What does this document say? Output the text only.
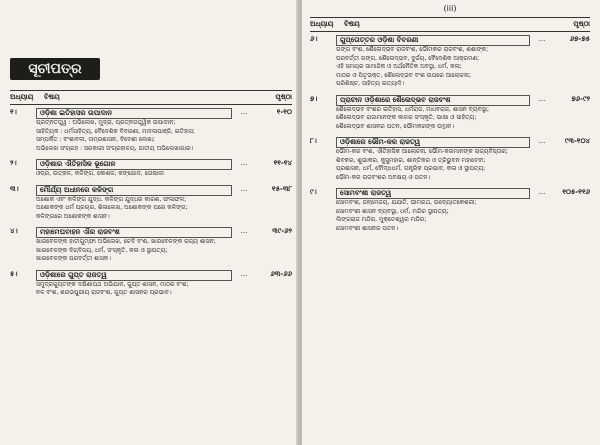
ସୂଚୀପତ୍ର
ଅଧ୍ୟାୟ	ବିଷୟ	ପୃଷ୍ଠା
୧।	ଓଡ଼ିଶା ଇତିହାସର ଉପାଦାନ	...	୧-୧୦
ପ୍ରତ୍ନତତ୍ତ୍ୱ : ଅଭିଲେଖ, ମୁଦ୍ରା, ପ୍ରତ୍ନତାତ୍ତ୍ୱିକ ଉପାଦାନ;
ସାହିତ୍ୟିକ : ଧର୍ମସାହିତ୍ୟ, ବୈଦେଶିକ ବିବରଣୀ, ମାଦଳାପାଞ୍ଜି, ଇତିହାସ;
ସମ୍ପର୍କିତ : ବଂଶାବଳୀ, ତାମ୍ରଶାସନ, ବିଦେଶୀ ଲେଖା;
ଅଭିଲେଖ ସଂଗ୍ରହ : ସରକାରୀ ସଂଗ୍ରହାଳୟ, ଜାତୀୟ ଅଭିଲେଖାଗାର।
୨।	ଓଡ଼ିଶାର ଐତିହାସିକ ଭୂଗୋଳ	...	୧୧-୧୪
ଓଡ୍ର, ଉତ୍କଳ, କଳିଙ୍ଗ, କୋଶଳ, କଙ୍ଗୋଦ, ତୋଷାଳୀ
୩।	ମୌର୍ଯ୍ୟ ଅଧୀନରେ କଳିଙ୍ଗ	...	୧୫-୩୮
ଅଶୋକ ଏବଂ କଳିଙ୍ଗ ଯୁଦ୍ଧ, କଳିଙ୍ଗ ଯୁଦ୍ଧର କାରଣ, ଫଳାଫଳ;
ଅଶୋକଙ୍କ ଧର୍ମ ପ୍ରଚାର, ଶିଳାଲେଖ, ଅଶୋକଙ୍କ ପରେ କଳିଙ୍ଗ;
କଳିଙ୍ଗରେ ଅଶୋକଙ୍କ ଶାସନ।
୪।	ମହାମେଘବାହନ ଐର ରାଜବଂଶ	...	୩୯-୬୨
ଖାରବେଳଙ୍କ ହାତୀଗୁମ୍ଫା ଅଭିଲେଖ, ଚେଦି ବଂଶ, ଖାରବେଳଙ୍କ ରାଜ୍ୟ ଶାସନ;
ଖାରବେଳଙ୍କ ଦିଗ୍‌ବିଜୟ, ଧର୍ମ, ସଂସ୍କୃତି, କଳା ଓ ସ୍ଥାପତ୍ୟ;
ଖାରବେଳଙ୍କ ପରବର୍ତ୍ତୀ ଶାସକ।
୫।	ଓଡ଼ିଶାରେ ଗୁପ୍ତ ରାଜତ୍ୱ	...	୬୩-୬୬
ସମୁଦ୍ରଗୁପ୍ତଙ୍କ ଦକ୍ଷିଣାପଥ ଅଭିଯାନ, ଗୁପ୍ତ ଶାସନ, ମାଠର ବଂଶ;
ନଳ ବଂଶ, ଶରଭପୁରୀୟ ରାଜବଂଶ, ଗୁପ୍ତ ଶାସନର ପ୍ରଭାବ।
(iii)
ଅଧ୍ୟାୟ	ବିଷୟ	ପୃଷ୍ଠା
୬।	ଗୁପ୍ତୋତ୍ତର ଓଡ଼ିଶା ବିବରଣୀ	...	୬୭-୭୫
ଗଙ୍ଗ ବଂଶ, ଶୈଳୋଦ୍ଭବ ରାଜବଂଶ, ଭୌମକର ରାଜବଂଶ, ଶଶାଙ୍କ;
ପରବର୍ତ୍ତୀ ଗଙ୍ଗ, ଶୈଳୋଦ୍ଭବ, ଦୁର୍ଜୟ, ବୈଦେଶିକ ଆକ୍ରମଣ;
ଏହି ସମୟର ସାମାଜିକ ଓ ଅର୍ଥନୈତିକ ଅବସ୍ଥା, ଧର୍ମ, କଳା;
ମାଠର ଓ ପିତୃଭକ୍ତ, ଶୈଳୋଦ୍ଭବ ବଂଶ ଉପରେ ଆଲୋଚନା;
ପରିଶିଷ୍ଟ, ସାହିତ୍ୟ ଇତ୍ୟାଦି।
୭।	ପ୍ରାଚୀନ ଓଡ଼ିଶାରେ ଶୈଳୋଦ୍ଭବ ରାଜବଂଶ	...	୭୬-୯୨
ଶୈଳୋଦ୍ଭବ ବଂଶର ଇତିହାସ, ଧର୍ମରାଜ, ମାଧବରାଜ, ଶାସନ ବ୍ୟବସ୍ଥା;
ଶୈଳୋଦ୍ଭବ ରାଜାମାନଙ୍କ କାଳର ସଂସ୍କୃତି, ଭାଷା ଓ ସାହିତ୍ୟ;
ଶୈଳୋଦ୍ଭବ ଶାସନର ପତନ, ଭୌମକରଙ୍କ ଉତ୍ଥାନ।
୮।	ଓଡ଼ିଶାରେ ଭୌମ-କର ରାଜତ୍ୱ	...	୯୩-୧୦୪
ଭୌମ-କର ବଂଶ, ଐତିହାସିକ ଆଲୋଚନା, ଭୌମ-କରମାନଙ୍କ ରାଜ୍ୟବିସ୍ତାର;
ଶିବକର, ଶୁଭାକର, କୁସୁମହାର, ଶାନ୍ତିକର ଓ ତ୍ରିଭୁବନ ମହାଦେବୀ;
ପ୍ରଶାସନ, ଧର୍ମ, ବୌଦ୍ଧଧର୍ମ, ତାନ୍ତ୍ରିକ ପ୍ରଭାବ, କଳା ଓ ସ୍ଥାପତ୍ୟ;
ଭୌମ-କର ରାଜବଂଶର ଅବକ୍ଷୟ ଓ ପତନ।
୯।	ସୋମବଂଶୀ ରାଜତ୍ୱ	...	୧୦୫-୧୧୬
ସୋମବଂଶ, ଜନ୍ମେଜୟ, ଯଯାତି, ଭୀମରଥ, ଉଦ୍ୟୋତକେଶରୀ;
ସୋମବଂଶୀ ଶାସନ ବ୍ୟବସ୍ଥା, ଧର୍ମ, ମନ୍ଦିର ସ୍ଥାପତ୍ୟ;
ଲିଙ୍ଗରାଜ ମନ୍ଦିର, ମୁକ୍ତେଶ୍ୱର ମନ୍ଦିର;
ସୋମବଂଶୀ ଶାସନର ପତନ।
